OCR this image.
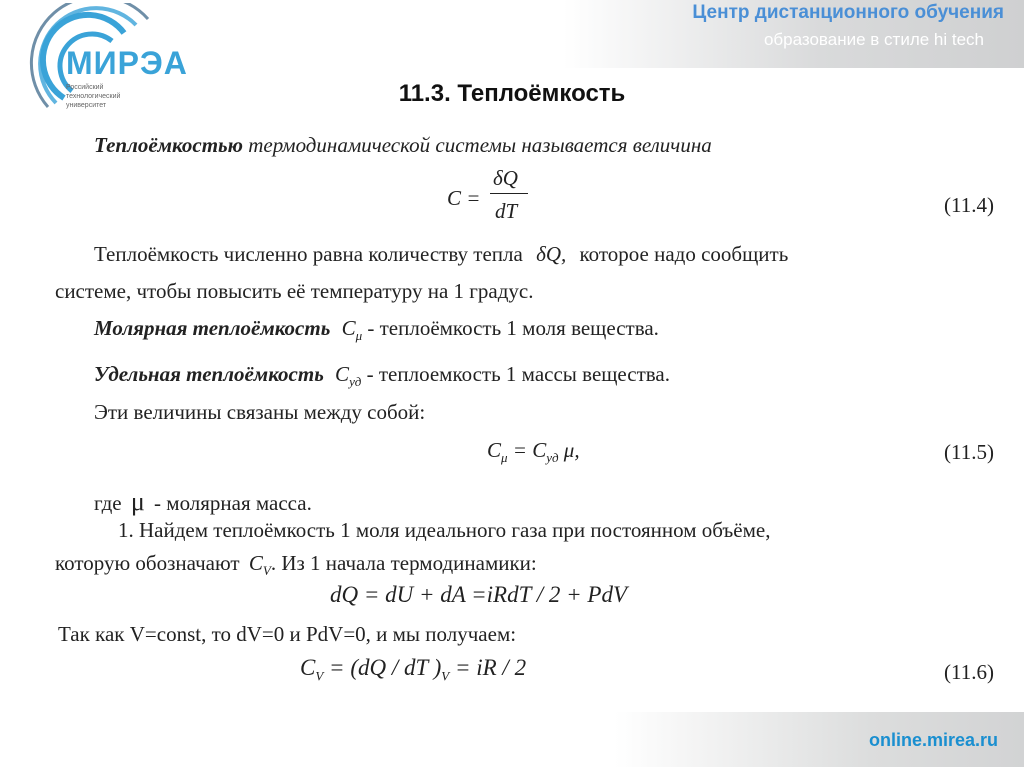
МИРЭА
Российский технологический университет
Центр дистанционного обучения
образование в стиле hi tech
11.3. Теплоёмкость
Теплоёмкостью термодинамической системы называется величина
C =
δQ
dT	(11.4)
Теплоёмкость численно равна количеству тепла δQ, которое надо сообщить
системе, чтобы повысить её температуру на 1 градус.
Молярная теплоёмкость $C_\mu$ - теплоёмкость 1 моля вещества.
Удельная теплоёмкость $C_{уд}$ - теплоемкость 1 массы вещества.
Эти величины связаны между собой:
$C_\mu = C_{уд}$ μ,	(11.5)
где μ - молярная масса.
1. Найдем теплоёмкость 1 моля идеального газа при постоянном объёме,
которую обозначают $C_V$. Из 1 начала термодинамики:
dQ = dU + dA =iRdT / 2 + PdV
Так как V=const, то dV=0 и PdV=0, и мы получаем:
$C_V = (dQ$ / dT )$_V$ = iR / 2	(11.6)
online.mirea.ru
